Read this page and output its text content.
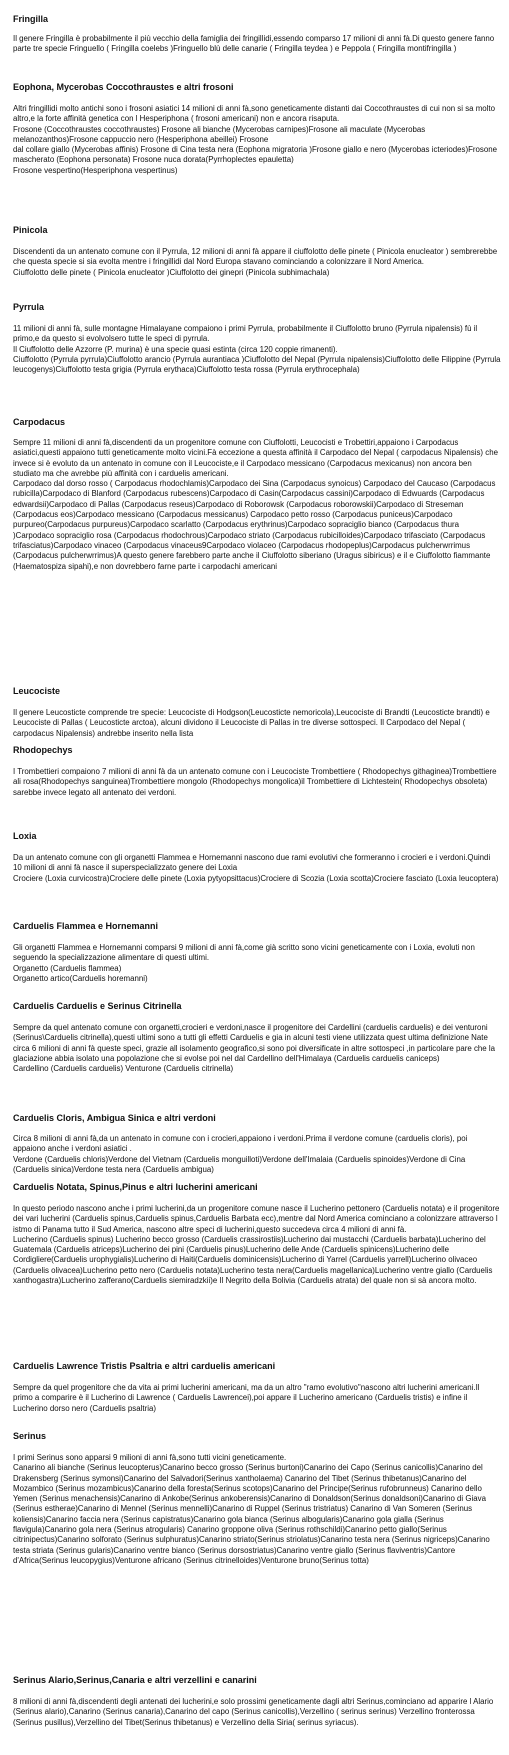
Fringilla

Il genere Fringilla è probabilmente il più vecchio della famiglia dei fringillidi,essendo comparso 17 milioni di anni fà.Di questo genere fanno parte tre specie Fringuello ( Fringilla coelebs )Fringuello blù delle canarie ( Fringilla teydea ) e Peppola ( Fringilla montifringilla )

Eophona, Mycerobas Coccothraustes e altri frosoni

Altri fringillidi molto antichi sono i frosoni asiatici 14 milioni di anni fà,sono geneticamente distanti dai Coccothraustes di cui non si sa molto altro,e la forte affinità genetica con l Hesperiphona ( frosoni americani) non e ancora risaputa.

Frosone (Coccothraustes coccothraustes) Frosone ali bianche (Mycerobas carnipes)Frosone ali maculate (Mycerobas melanozanthos)Frosone cappuccio nero (Hesperiphona abeillei) Frosone

dal collare giallo (Mycerobas affinis) Frosone di Cina testa nera (Eophona migratoria )Frosone giallo e nero (Mycerobas icteriodes)Frosone mascherato (Eophona personata) Frosone nuca dorata(Pyrrhoplectes epauletta)

Frosone vespertino(Hesperiphona vespertinus)

Pinicola

Discendenti da un antenato comune con il Pyrrula, 12 milioni di anni fà appare il ciuffolotto delle pinete ( Pinicola enucleator ) sembrerebbe che questa specie si sia evolta mentre i fringillidi dal Nord Europa stavano cominciando a colonizzare il Nord America.

Ciuffolotto delle pinete ( Pinicola enucleator )Ciuffolotto dei ginepri (Pinicola subhimachala)

Pyrrula

11 milioni di anni fà, sulle montagne Himalayane compaiono i primi Pyrrula, probabilmente il Ciuffolotto bruno (Pyrrula nipalensis) fù il primo,e da questo si evolvolsero tutte le speci di pyrrula.

Il Ciuffolotto delle Azzorre (P. murina) è una specie quasi estinta (circa 120 coppie rimanenti).

Ciuffolotto (Pyrrula pyrrula)Ciuffolotto arancio (Pyrrula aurantiaca )Ciuffolotto del Nepal (Pyrrula nipalensis)Ciuffolotto delle Filippine (Pyrrula leucogenys)Ciuffolotto testa grigia (Pyrrula erythaca)Ciuffolotto testa rossa (Pyrrula erythrocephala)

Carpodacus

Sempre 11 milioni di anni fà,discendenti da un progenitore comune con Ciuffolotti, Leucocisti e Trobettiri,appaiono i Carpodacus asiatici,questi appaiono tutti geneticamente molto vicini.Fà eccezione a questa affinità il Carpodaco del Nepal ( carpodacus Nipalensis) che invece si è evoluto da un antenato in comune con il Leucociste,e il Carpodaco messicano (Carpodacus mexicanus) non ancora ben studiato ma che avrebbe più affinità con i carduelis americani.

Carpodaco dal dorso rosso ( Carpodacus rhodochlamis)Carpodaco dei Sina (Carpodacus synoicus) Carpodaco del Caucaso (Carpodacus rubicilla)Carpodaco di Blanford (Carpodacus rubescens)Carpodaco di Casin(Carpodacus cassini)Carpodaco di Edwuards (Carpodacus edwardsii)Carpodaco di Pallas (Carpodacus reseus)Carpodaco di Roborowsk (Carpodacus roborowskii)Carpodaco di Streseman (Carpodacus eos)Carpodaco messicano (Carpodacus messicanus) Carpodaco petto rosso (Carpodacus puniceus)Carpodaco purpureo(Carpodacus purpureus)Carpodaco scarlatto (Carpodacus erythrinus)Carpodaco sopraciglio bianco (Carpodacus thura )Carpodaco sopraciglio rosa (Carpodacus rhodochrous)Carpodaco striato (Carpodacus rubicilloides)Carpodaco trifasciato (Carpodacus trifasciatus)Carpodaco vinaceo (Carpodacus vinaceus9Carpodaco violaceo (Carpodacus rhodopeplus)Carpodacus pulcherwrrimus (Carpodacus pulcherwrrimus)A questo genere farebbero parte anche il Ciuffolotto siberiano (Uragus sibiricus) e il e Ciuffolotto fiammante (Haematospiza sipahi),e non dovrebbero farne parte i carpodachi americani

Leucociste

Il genere Leucosticte comprende tre specie: Leucociste di Hodgson(Leucosticte nemoricola),Leucociste di Brandti (Leucosticte brandti) e Leucociste di Pallas ( Leucosticte arctoa), alcuni dividono il Leucociste di Pallas in tre diverse sottospeci. Il Carpodaco del Nepal ( carpodacus Nipalensis) andrebbe inserito nella lista

Rhodopechys

I Trombettieri compaiono 7 milioni di anni fà da un antenato comune con i Leucociste Trombettiere ( Rhodopechys githaginea)Trombettiere ali rosa(Rhodopechys sanguinea)Trombettiere mongolo (Rhodopechys mongolica)il Trombettiere di Lichtestein( Rhodopechys obsoleta) sarebbe invece legato all antenato dei verdoni.

Loxia

Da un antenato comune con gli organetti Flammea e Hornemanni nascono due rami evolutivi che formeranno i crocieri e i verdoni.Quindi 10 milioni di anni fà nasce il superspecializzato genere dei Loxia

Crociere (Loxia curvicostra)Crociere delle pinete (Loxia pytyopsittacus)Crociere di Scozia (Loxia scotta)Crociere fasciato (Loxia leucoptera)

Carduelis Flammea e Hornemanni

Gli organetti Flammea e Hornemanni comparsi 9 milioni di anni fà,come già scritto sono vicini geneticamente con i Loxia, evoluti non seguendo la specializzazione alimentare di questi ultimi.

Organetto (Carduelis flammea)

Organetto artico(Carduelis horemanni)

Carduelis Carduelis e Serinus Citrinella

Sempre da quel antenato comune con organetti,crocieri e verdoni,nasce il progenitore dei Cardellini (carduelis carduelis) e dei venturoni (Serinus\Carduelis citrinella),questi ultimi sono a tutti gli effetti Carduelis e gia in alcuni testi viene utilizzata quest ultima definizione Nate circa 6 milioni di anni fà queste speci, grazie all isolamento geografico,si sono poi diversificate in altre sottospeci ,in particolare pare che la glaciazione abbia isolato una popolazione che si evolse poi nel dal Cardellino dell'Himalaya (Carduelis carduelis caniceps)

Cardellino (Carduelis carduelis) Venturone (Carduelis citrinella)

Carduelis Cloris, Ambigua Sinica e altri verdoni

Circa 8 milioni di anni fà,da un antenato in comune con i crocieri,appaiono i verdoni.Prima il verdone comune (carduelis cloris), poi appaiono anche i verdoni asiatici .

Verdone (Carduelis chloris)Verdone del Vietnam (Carduelis monguilloti)Verdone dell'Imalaia (Carduelis spinoides)Verdone di Cina (Carduelis sinica)Verdone testa nera (Carduelis ambigua)

Carduelis Notata, Spinus,Pinus e altri lucherini americani

In questo periodo nascono anche i primi lucherini,da un progenitore comune nasce il Lucherino pettonero (Carduelis notata) e il progenitore dei vari lucherini (Carduelis spinus,Carduelis spinus,Carduelis Barbata ecc),mentre dal Nord America cominciano a colonizzare attraverso l istmo di Panama tutto il Sud America, nascono altre speci di lucherini,questo succedeva circa 4 milioni di anni fà.

Lucherino (Carduelis spinus) Lucherino becco grosso (Carduelis crassirostiis)Lucherino dai mustacchi (Carduelis barbata)Lucherino del Guatemala (Carduelis atriceps)Lucherino dei pini (Carduelis pinus)Lucherino delle Ande (Carduelis spinicens)Lucherino delle Cordigliere(Carduelis urophygialis)Lucherino di Haiti(Carduelis dominicensis)Lucherino di Yarrel (Carduelis yarrell)Lucherino olivaceo (Carduelis olivacea)Lucherino petto nero (Carduelis notata)Lucherino testa nera(Carduelis magellanica)Lucherino ventre giallo (Carduelis xanthogastra)Lucherino zafferano(Carduelis siemiradzkii)e Il Negrito della Bolivia (Carduelis atrata) del quale non si sà ancora molto.

Carduelis Lawrence Tristis Psaltria e altri carduelis americani

Sempre da quel progenitore che da vita ai primi lucherini americani, ma da un altro "ramo evolutivo"nascono altri lucherini americani.Il primo a comparire è il Lucherino di Lawrence ( Carduelis Lawrencei),poi appare il Lucherino americano (Carduelis tristis) e infine il Lucherino dorso nero (Carduelis psaltria)

Serinus

I primi Serinus sono apparsi 9 milioni di anni fà,sono tutti vicini geneticamente.

Canarino ali bianche (Serinus leucopterus)Canarino becco grosso (Serinus burtoni)Canarino dei Capo (Serinus canicollis)Canarino del Drakensberg (Serinus symonsi)Canarino del Salvadori(Serinus xantholaema) Canarino del Tibet (Serinus thibetanus)Canarino del Mozambico (Serinus mozambicus)Canarino della foresta(Serinus scotops)Canarino del Principe(Serinus rufobrunneus) Canarino dello Yemen (Serinus menachensis)Canarino di Ankobe(Serinus ankoberensis)Canarino di Donaldson(Serinus donaldsoni)Canarino di Giava (Serinus estherae)Canarino di Mennel (Serinus mennelli)Canarino di Ruppel (Serinus tristriatus) Canarino di Van Someren (Serinus koliensis)Canarino faccia nera (Serinus capistratus)Canarino gola bianca (Serinus albogularis)Canarino gola gialla (Serinus flavigula)Canarino gola nera (Serinus atrogularis) Canarino groppone oliva (Serinus rothschildi)Canarino petto giallo(Serinus citrinipectus)Canarino solforato (Serinus sulphuratus)Canarino striato(Serinus striolatus)Canarino testa nera (Serinus nigriceps)Canarino testa striata (Serinus gularis)Canarino ventre bianco (Serinus dorsostriatus)Canarino ventre giallo (Serinus flaviventris)Cantore d'Africa(Serinus leucopygius)Venturone africano (Serinus citrinelloides)Venturone bruno(Serinus totta)

Serinus Alario,Serinus,Canaria e altri verzellini e canarini

8 milioni di anni fà,discendenti degli antenati dei lucherini,e solo prossimi geneticamente dagli altri Serinus,cominciano ad apparire l Alario (Serinus alario),Canarino (Serinus canaria),Canarino del capo (Serinus canicollis),Verzellino ( serinus serinus) Verzellino fronterossa (Serinus pusillus),Verzellino del Tibet(Serinus thibetanus) e Verzellino della Siria( serinus syriacus).
